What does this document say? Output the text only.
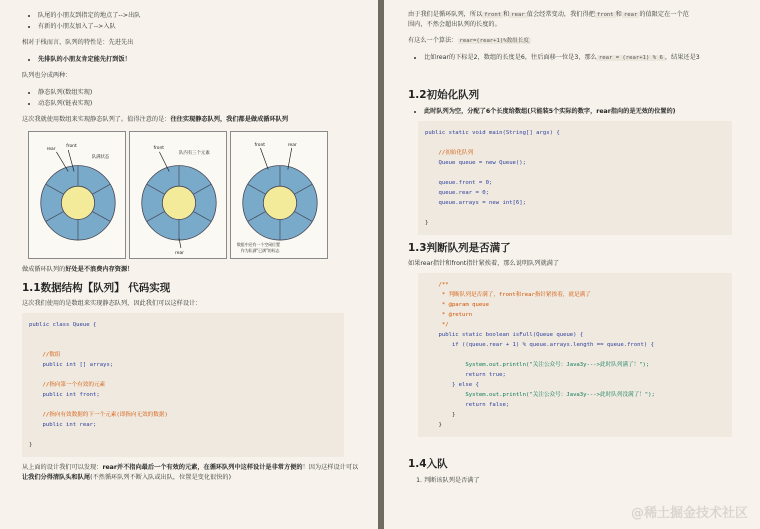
• 队尾的小朋友到指定的地点了-->出队
• 有新的小朋友加入了-->入队

相对于栈而言，队列的特性是：先进先出

• 先排队的小朋友肯定能先打到饭！

队列也分成两种：

• 静态队列(数组实现)
• 动态队列(链表实现)

这次我就使用数组来实现静态队列了。值得注意的是：往往实现静态队列，我们都是做成循环队列

rear
front
队满状态
front
rear
队内有三个元素
front	rear
数组中还有一个空闲位置
作为队满"已满"的标志

做成循环队列的好处是不浪费内存资源！

1.1数据结构【队列】 代码实现

这次我们使用的是数组来实现静态队列，因此我们可以这样设计：

public class Queue {
//数组
public int [] arrays;
//指向第一个有效的元素
public int front;
//指向有效数据的下一个元素(即指向无效的数据)
public int rear;
}

从上面的设计我们可以发现：rear并不指向最后一个有效的元素，在循环队列中这样设计是非常方便的！因为这样设计可以让我们分得清队头和队尾(不然循环队列不断入队或出队，位置是变化很快的)

由于我们是循环队列，所以 front 和 rear 值会经常变动，我们得把 front 和 rear 的值限定在一个范
围内，不然会超出队列的长度的。

有这么一个算法： rear=(rear+1)%数组长度

• 比如rear的下标是2，数组的长度是6，往后面移一位是3，那么 rear = (rear+1) % 6 ，结果还是3
1.2初始化队列
• 此时队列为空，分配了6个长度给数组(只能装5个实际的数字，rear指向的是无效的位置的)
public static void main(String[] args) {
//初始化队列
Queue queue = new Queue();
queue.front = 0;
queue.rear = 0;
queue.arrays = new int[6];
}
1.3判断队列是否满了

如果rear指针和front指针紧挨着，那么说明队列就满了

/**
* 判断队列是否满了，front和rear指针紧挨着，就是满了
* @param queue
* @return
*/
public static boolean isFull(Queue queue) {
if ((queue.rear + 1) % queue.arrays.length == queue.front) {
System.out.println("关注公众号：Java3y--->此时队列满了！");
return true;
} else {
System.out.println("关注公众号：Java3y--->此时队列没满了！");
return false;
}
}
1.4入队
1. 判断该队列是否满了
@稀土掘金技术社区
